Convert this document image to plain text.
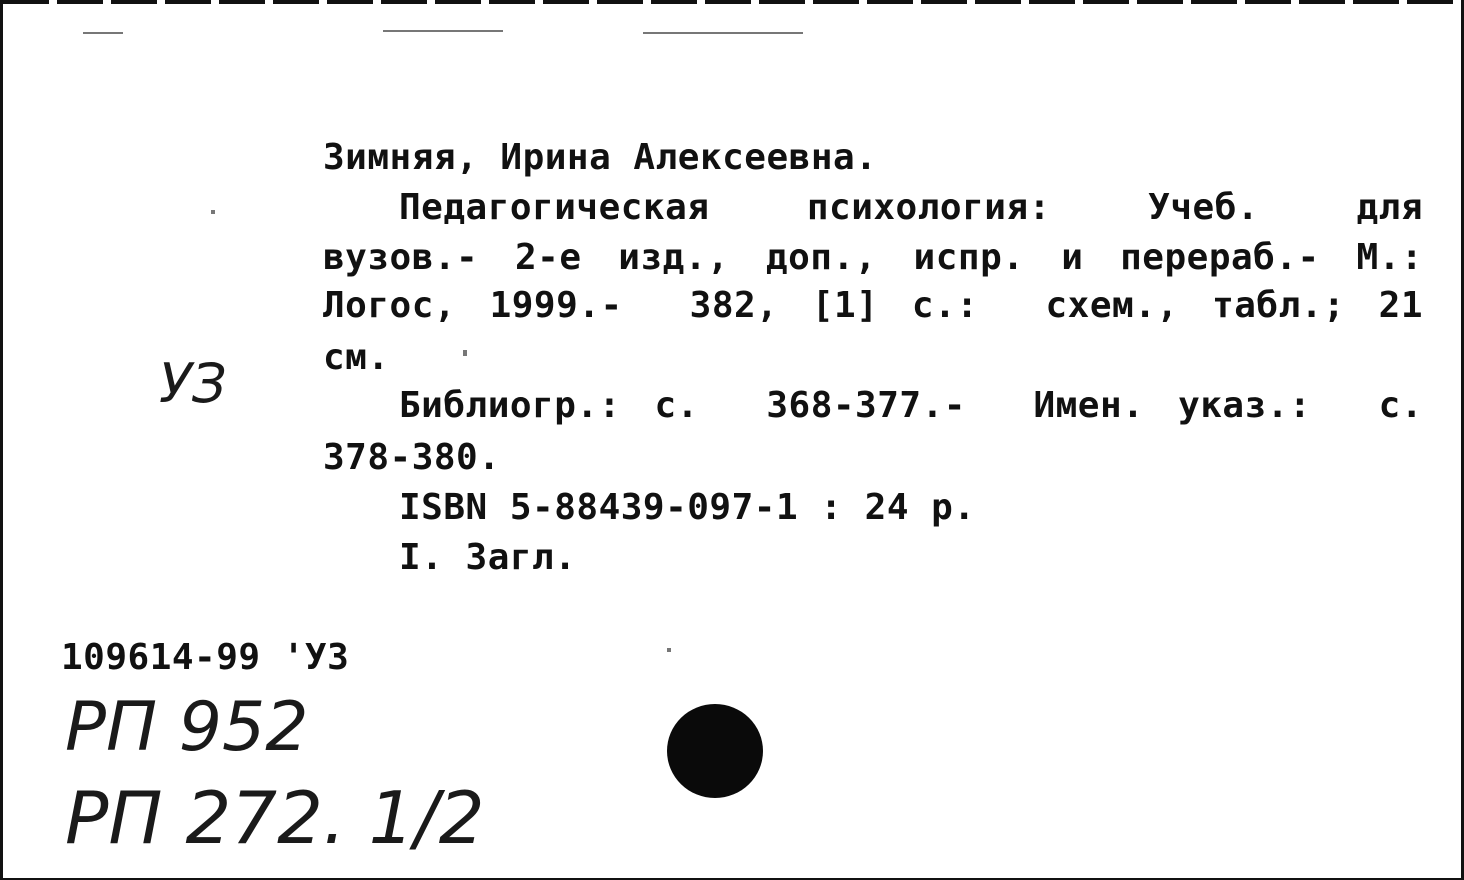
Зимняя, Ирина Алексеевна.
Педагогическая психология: Учеб. для
вузов.- 2-е изд., доп., испр. и перераб.- М.:
Логос, 1999.-  382, [1] с.:  схем., табл.; 21
см.
Библиогр.: с.  368-377.-  Имен. указ.:  с.
378-380.
ISBN 5-88439-097-1 : 24 р.
I. Загл.
109614-99 'УЗ
УЗ
РП 952
РП 272. 1/2
